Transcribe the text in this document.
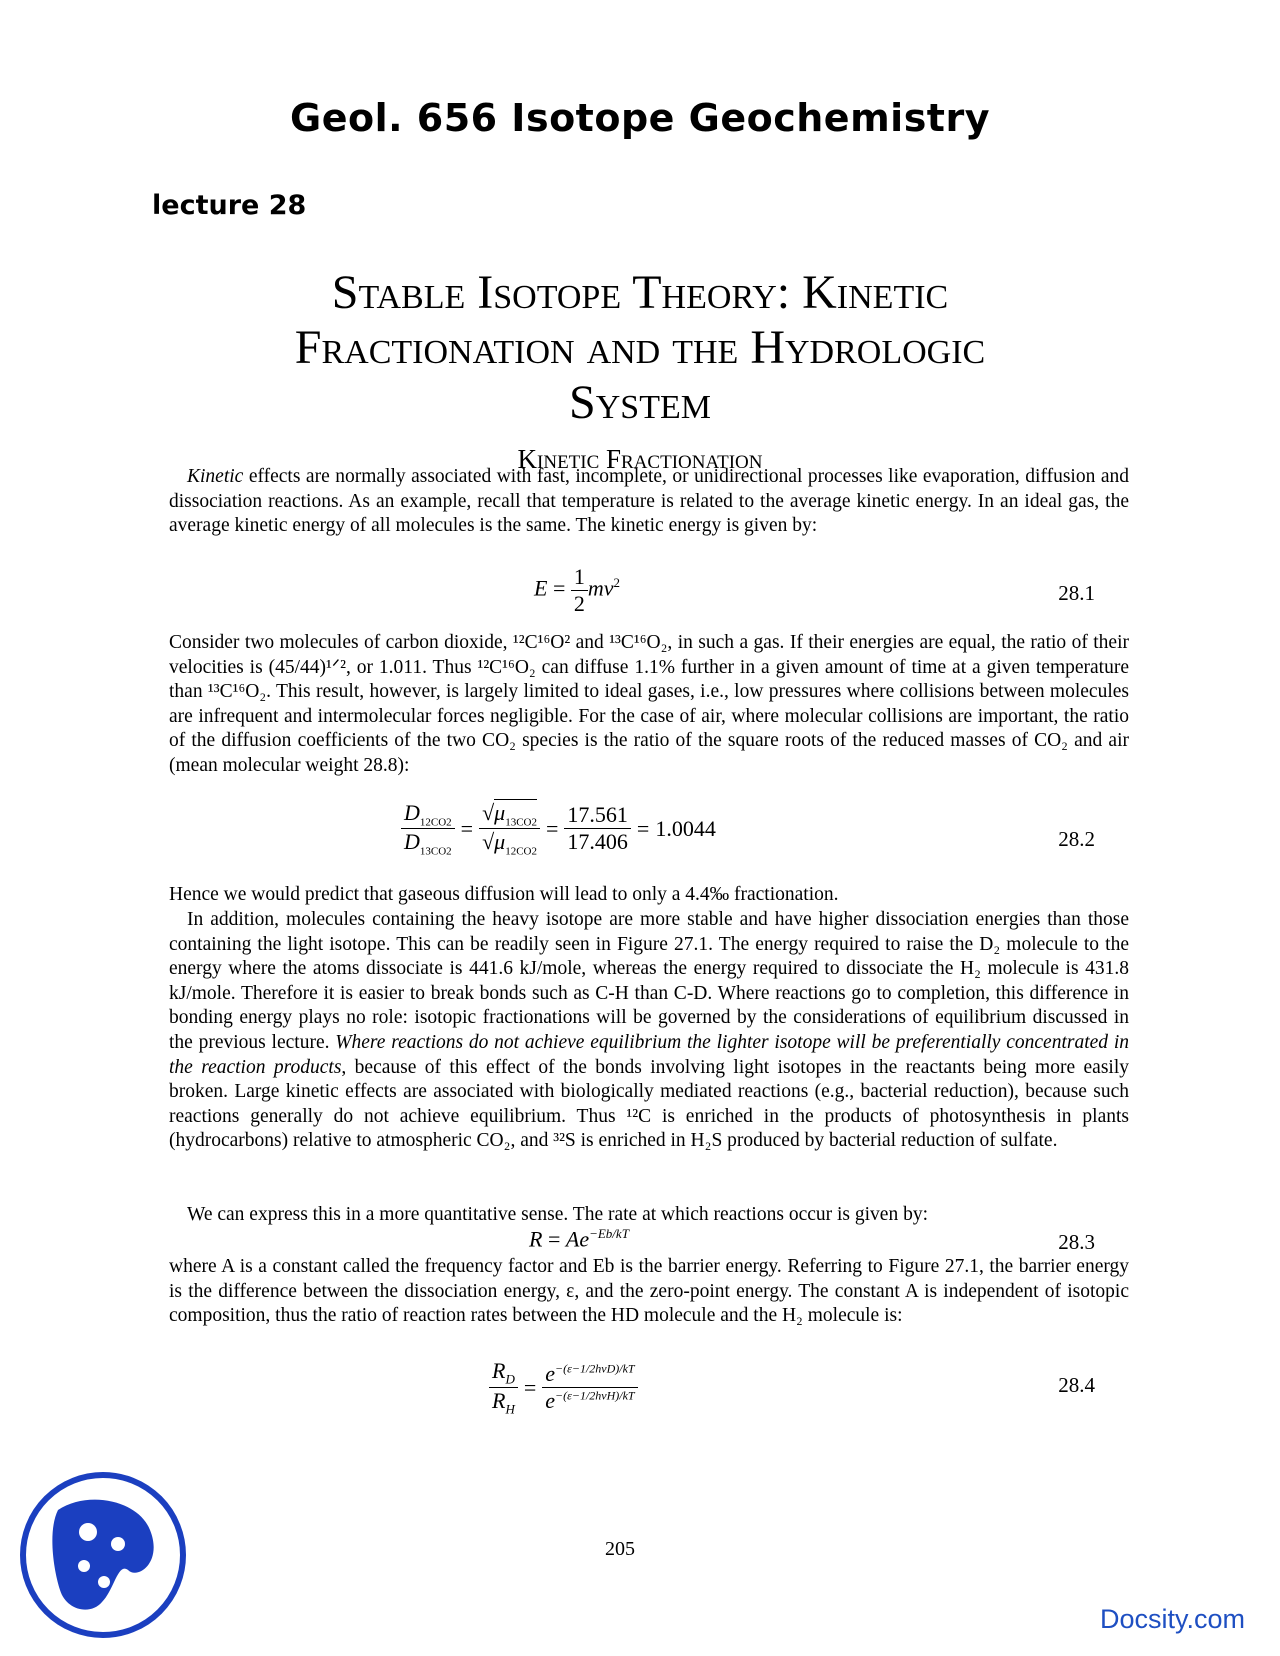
Geol. 656 Isotope Geochemistry
lecture 28
Stable Isotope Theory: Kinetic
Fractionation and the Hydrologic
System
Kinetic Fractionation
Kinetic effects are normally associated with fast, incomplete, or unidirectional processes like evaporation, diffusion and dissociation reactions. As an example, recall that temperature is related to the average kinetic energy. In an ideal gas, the average kinetic energy of all molecules is the same. The kinetic energy is given by:
$E = \frac{1}{2} mv^2$	28.1
Consider two molecules of carbon dioxide, ¹²C¹⁶O² and ¹³C¹⁶O₂, in such a gas. If their energies are equal, the ratio of their velocities is (45/44)¹ᐟ², or 1.011. Thus ¹²C¹⁶O₂ can diffuse 1.1% further in a given amount of time at a given temperature than ¹³C¹⁶O₂. This result, however, is largely limited to ideal gases, i.e., low pressures where collisions between molecules are infrequent and intermolecular forces negligible. For the case of air, where molecular collisions are important, the ratio of the diffusion coefficients of the two CO₂ species is the ratio of the square roots of the reduced masses of CO₂ and air (mean molecular weight 28.8):
$\frac{D_{12CO2}}{D_{13CO2}} = \frac{√\mu_{13CO2}}{√\mu_{12CO2}} = \frac{17.561}{17.406} = 1.0044$	28.2
Hence we would predict that gaseous diffusion will lead to only a 4.4‰ fractionation.
In addition, molecules containing the heavy isotope are more stable and have higher dissociation energies than those containing the light isotope. This can be readily seen in Figure 27.1. The energy required to raise the D₂ molecule to the energy where the atoms dissociate is 441.6 kJ/mole, whereas the energy required to dissociate the H₂ molecule is 431.8 kJ/mole. Therefore it is easier to break bonds such as C-H than C-D. Where reactions go to completion, this difference in bonding energy plays no role: isotopic fractionations will be governed by the considerations of equilibrium discussed in the previous lecture. Where reactions do not achieve equilibrium the lighter isotope will be preferentially concentrated in the reaction products, because of this effect of the bonds involving light isotopes in the reactants being more easily broken. Large kinetic effects are associated with biologically mediated reactions (e.g., bacterial reduction), because such reactions generally do not achieve equilibrium. Thus ¹²C is enriched in the products of photosynthesis in plants (hydrocarbons) relative to atmospheric CO₂, and ³²S is enriched in H₂S produced by bacterial reduction of sulfate.
We can express this in a more quantitative sense. The rate at which reactions occur is given by:
$R = Ae^{-Eb/kT}$	28.3
where A is a constant called the frequency factor and Eb is the barrier energy. Referring to Figure 27.1, the barrier energy is the difference between the dissociation energy, ε, and the zero-point energy. The constant A is independent of isotopic composition, thus the ratio of reaction rates between the HD molecule and the H₂ molecule is:
$\frac{R_D}{R_H} = \frac{e^{-(\varepsilon-1/2h\nu D)/kT}}{e^{-(\varepsilon-1/2h\nu H)/kT}}$	28.4
205
Docsity.com
